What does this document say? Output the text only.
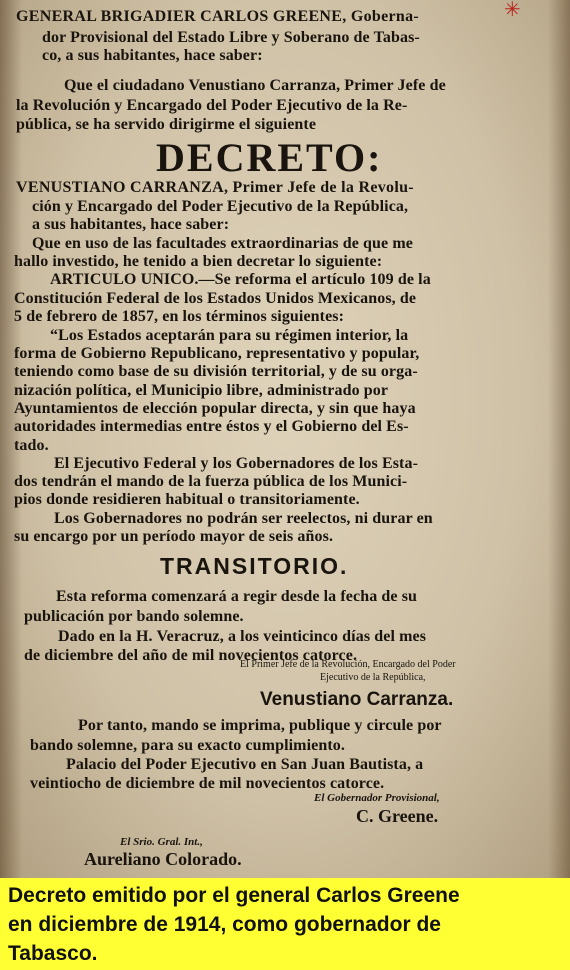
✳

GENERAL BRIGADIER CARLOS GREENE, Goberna-

dor Provisional del Estado Libre y Soberano de Tabas-

co, a sus habitantes, hace saber:

Que el ciudadano Venustiano Carranza, Primer Jefe de

la Revolución y Encargado del Poder Ejecutivo de la Re-

pública, se ha servido dirigirme el siguiente

DECRETO:

VENUSTIANO CARRANZA, Primer Jefe de la Revolu-

ción y Encargado del Poder Ejecutivo de la República,

a sus habitantes, hace saber:

Que en uso de las facultades extraordinarias de que me

hallo investido, he tenido a bien decretar lo siguiente:

ARTICULO UNICO.—Se reforma el artículo 109 de la

Constitución Federal de los Estados Unidos Mexicanos, de

5 de febrero de 1857, en los términos siguientes:

“Los Estados aceptarán para su régimen interior, la

forma de Gobierno Republicano, representativo y popular,

teniendo como base de su división territorial, y de su orga-

nización política, el Municipio libre, administrado por

Ayuntamientos de elección popular directa, y sin que haya

autoridades intermedias entre éstos y el Gobierno del Es-

tado.

El Ejecutivo Federal y los Gobernadores de los Esta-

dos tendrán el mando de la fuerza pública de los Munici-

pios donde residieren habitual o transitoriamente.

Los Gobernadores no podrán ser reelectos, ni durar en

su encargo por un período mayor de seis años.

TRANSITORIO.

Esta reforma comenzará a regir desde la fecha de su

publicación por bando solemne.

Dado en la H. Veracruz, a los veinticinco días del mes

de diciembre del año de mil novecientos catorce.

El Primer Jefe de la Revolución, Encargado del Poder

Ejecutivo de la República,

Venustiano Carranza.

Por tanto, mando se imprima, publique y circule por

bando solemne, para su exacto cumplimiento.

Palacio del Poder Ejecutivo en San Juan Bautista, a

veintiocho de diciembre de mil novecientos catorce.

El Gobernador Provisional,

C. Greene.

El Srio. Gral. Int.,

Aureliano Colorado.

Decreto emitido por el general Carlos Greene
en diciembre de 1914, como gobernador de
Tabasco.
